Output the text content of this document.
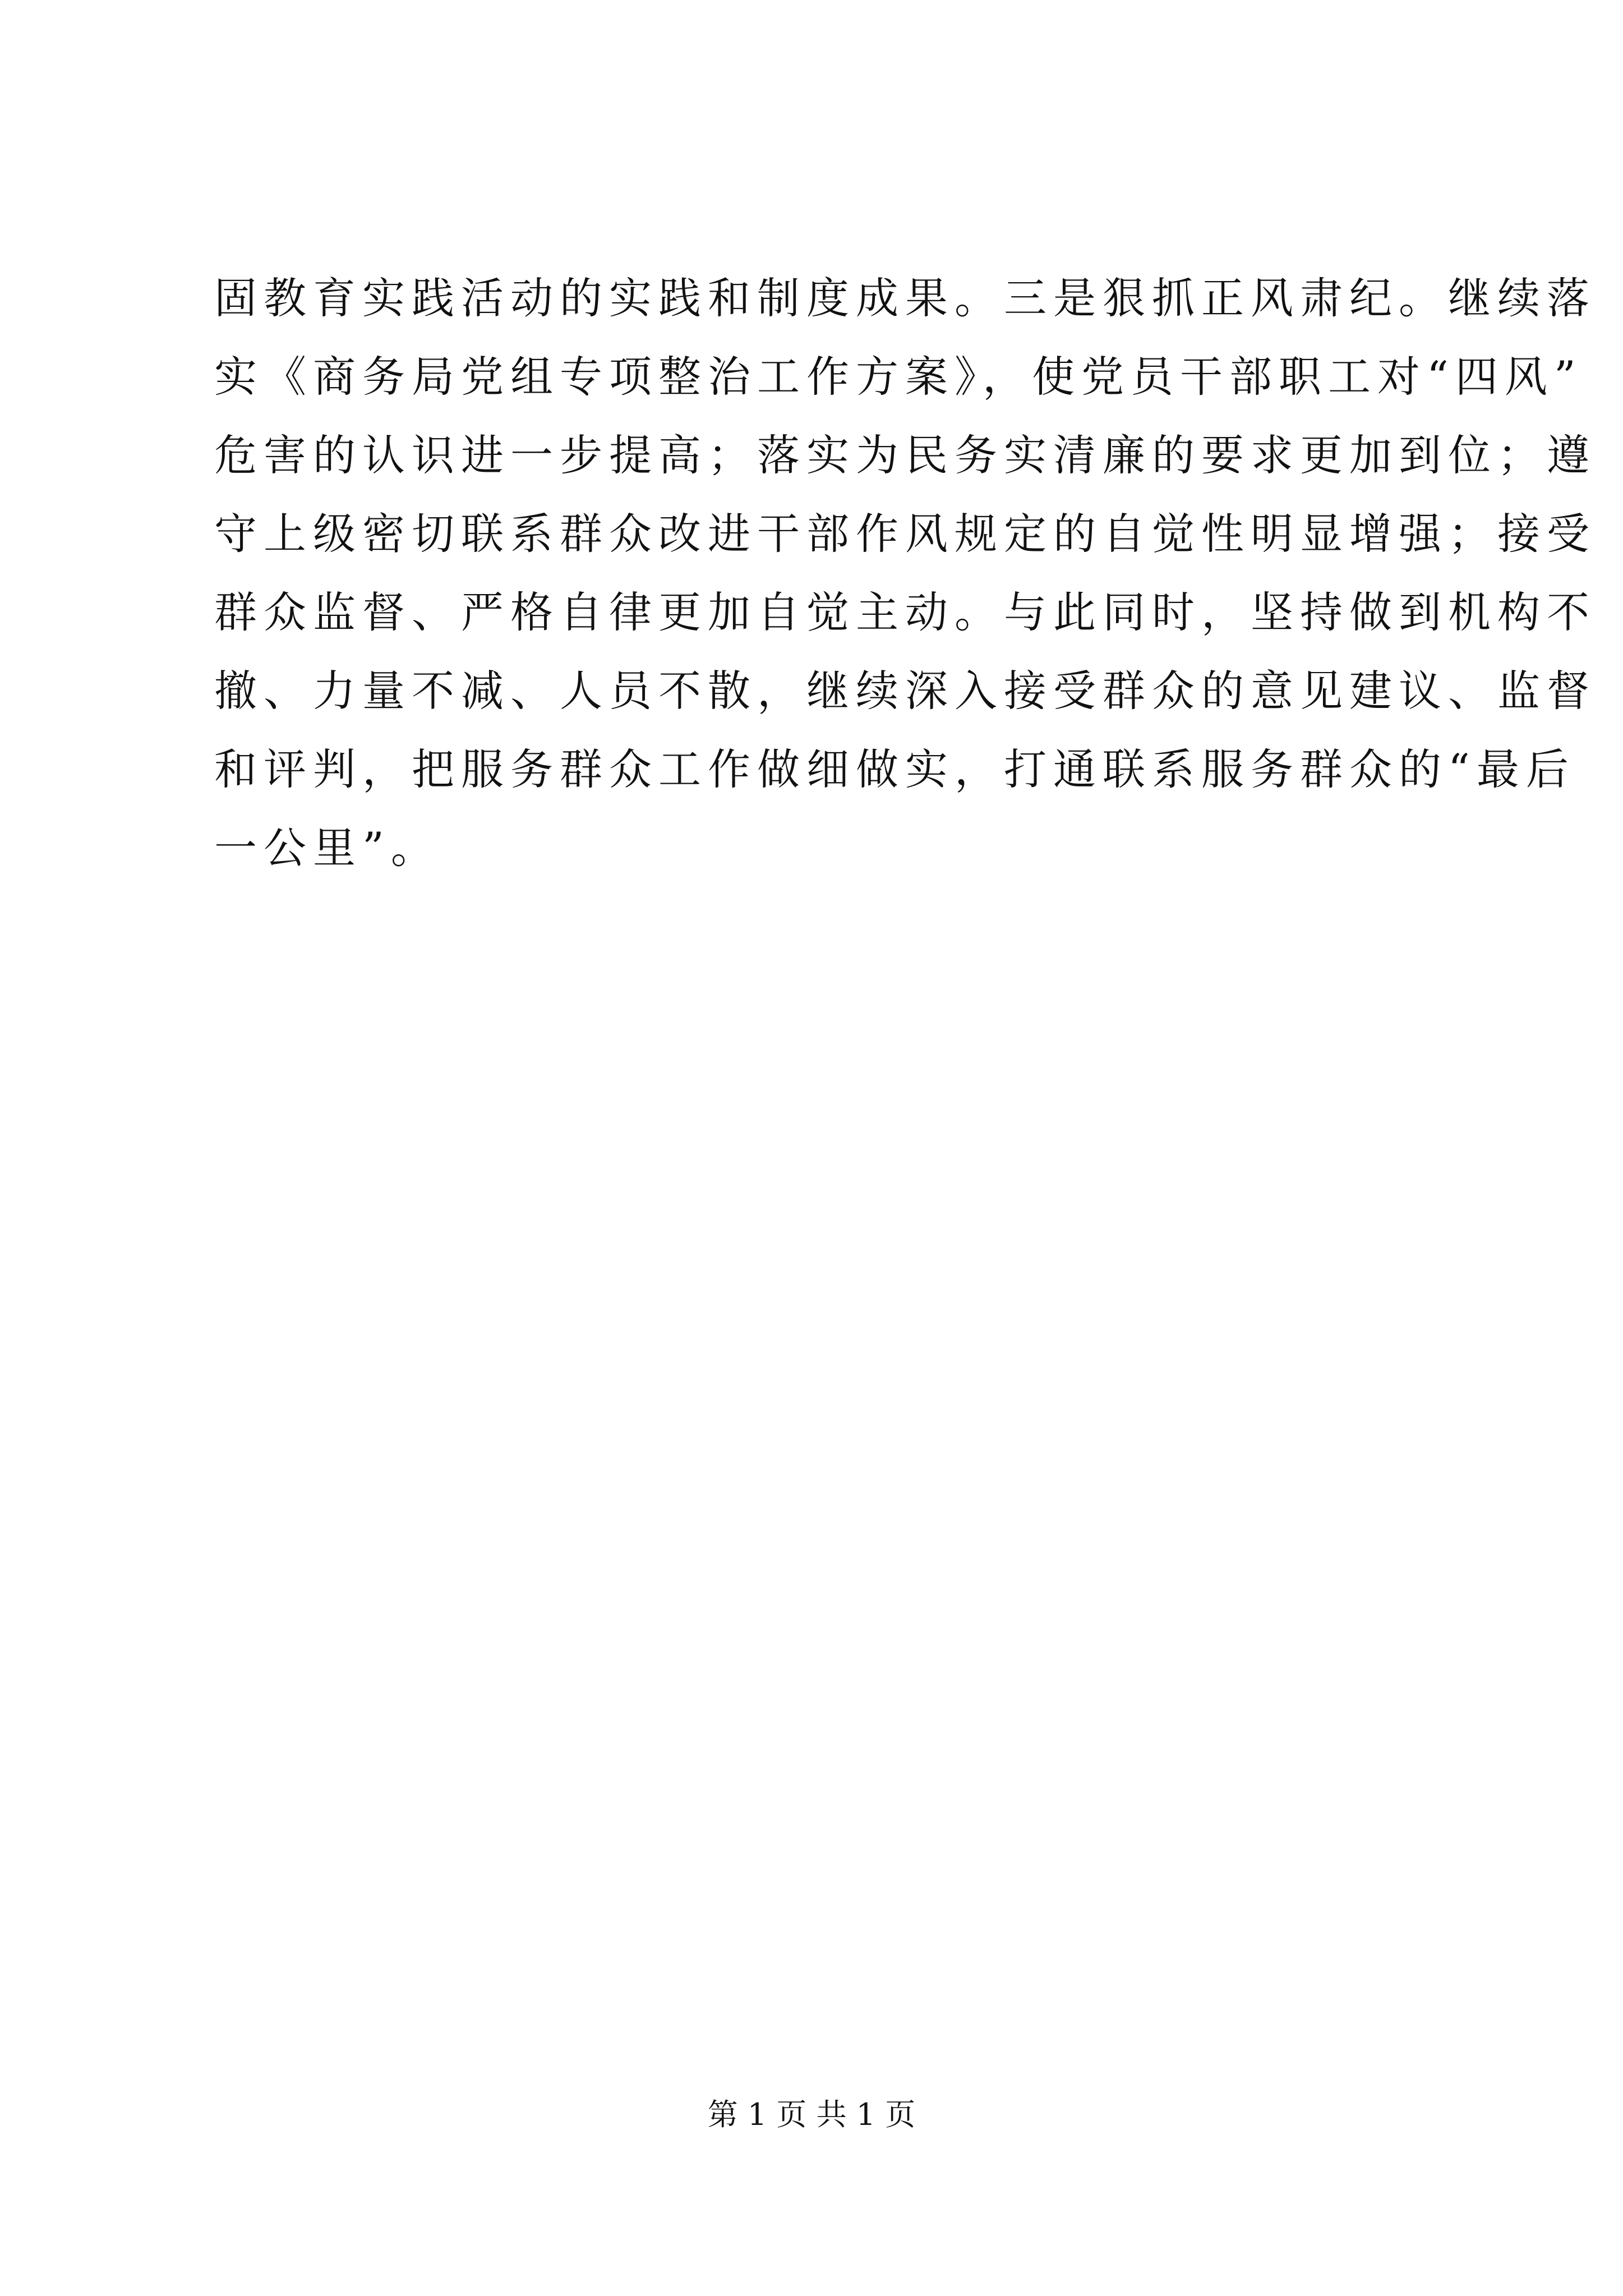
固教育实践活动的实践和制度成果。三是狠抓正风肃纪。继续落
实《商务局党组专项整治工作方案》，使党员干部职工对“四风”
危害的认识进一步提高；落实为民务实清廉的要求更加到位；遵
守上级密切联系群众改进干部作风规定的自觉性明显增强；接受
群众监督、严格自律更加自觉主动。与此同时，坚持做到机构不
撤、力量不减、人员不散，继续深入接受群众的意见建议、监督
和评判，把服务群众工作做细做实，打通联系服务群众的“最后
一公里”。
第 1 页 共 1 页
